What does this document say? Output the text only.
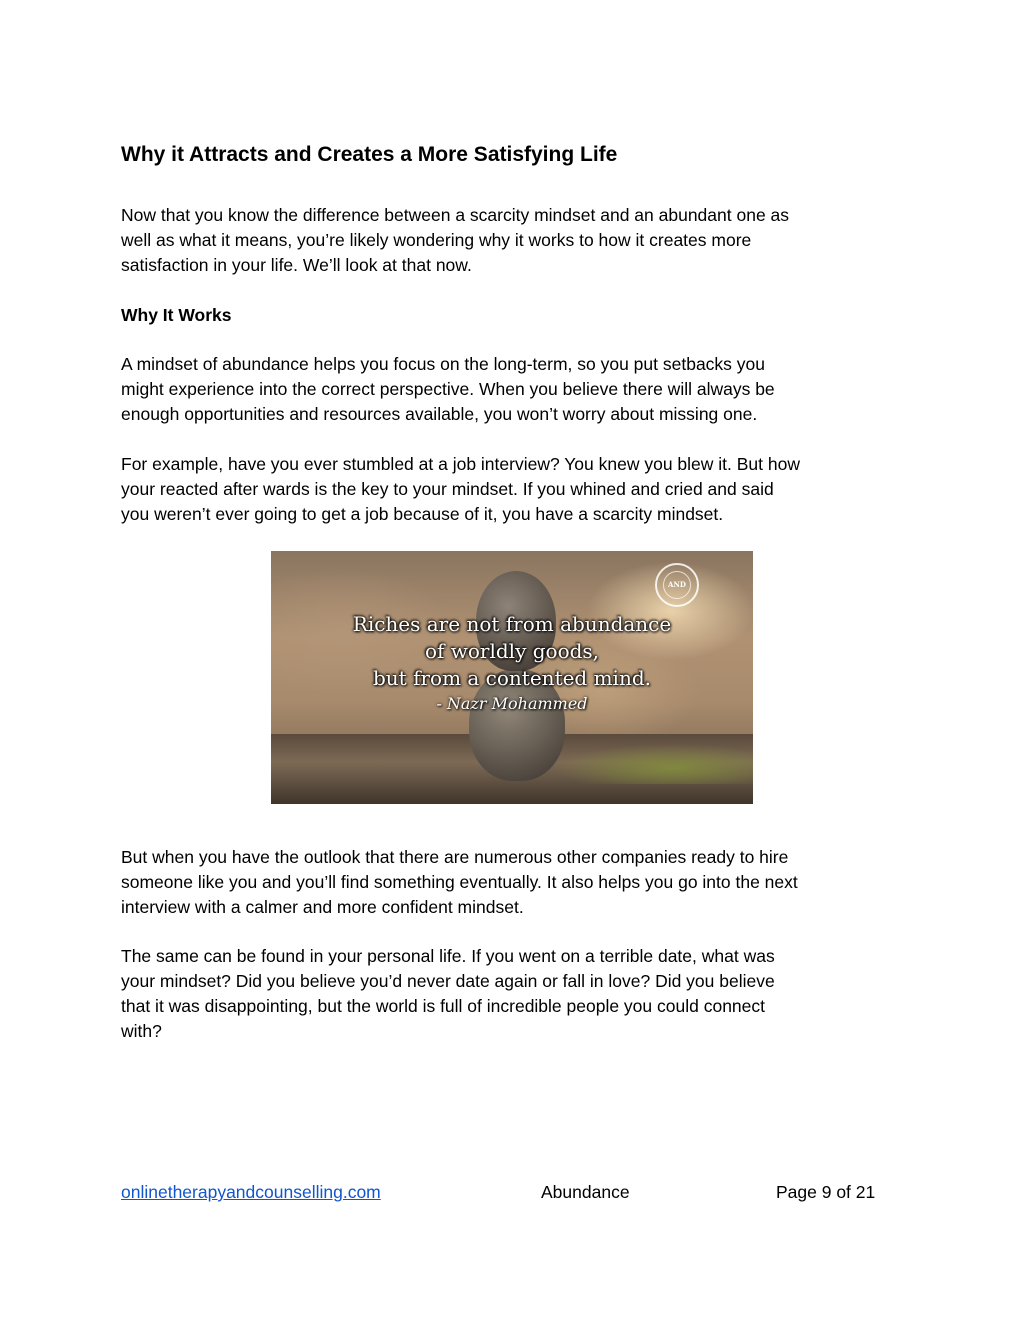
Why it Attracts and Creates a More Satisfying Life

Now that you know the difference between a scarcity mindset and an abundant one as
well as what it means, you’re likely wondering why it works to how it creates more
satisfaction in your life. We’ll look at that now.

Why It Works

A mindset of abundance helps you focus on the long-term, so you put setbacks you
might experience into the correct perspective. When you believe there will always be
enough opportunities and resources available, you won’t worry about missing one.

For example, have you ever stumbled at a job interview? You knew you blew it. But how
your reacted after wards is the key to your mindset. If you whined and cried and said
you weren’t ever going to get a job because of it, you have a scarcity mindset.

AND
Riches are not from abundance
of worldly goods,
but from a contented mind.
- Nazr Mohammed

But when you have the outlook that there are numerous other companies ready to hire
someone like you and you’ll find something eventually. It also helps you go into the next
interview with a calmer and more confident mindset.

The same can be found in your personal life. If you went on a terrible date, what was
your mindset? Did you believe you’d never date again or fall in love? Did you believe
that it was disappointing, but the world is full of incredible people you could connect
with?

onlinetherapyandcounselling.com	Abundance	Page 9 of 21
